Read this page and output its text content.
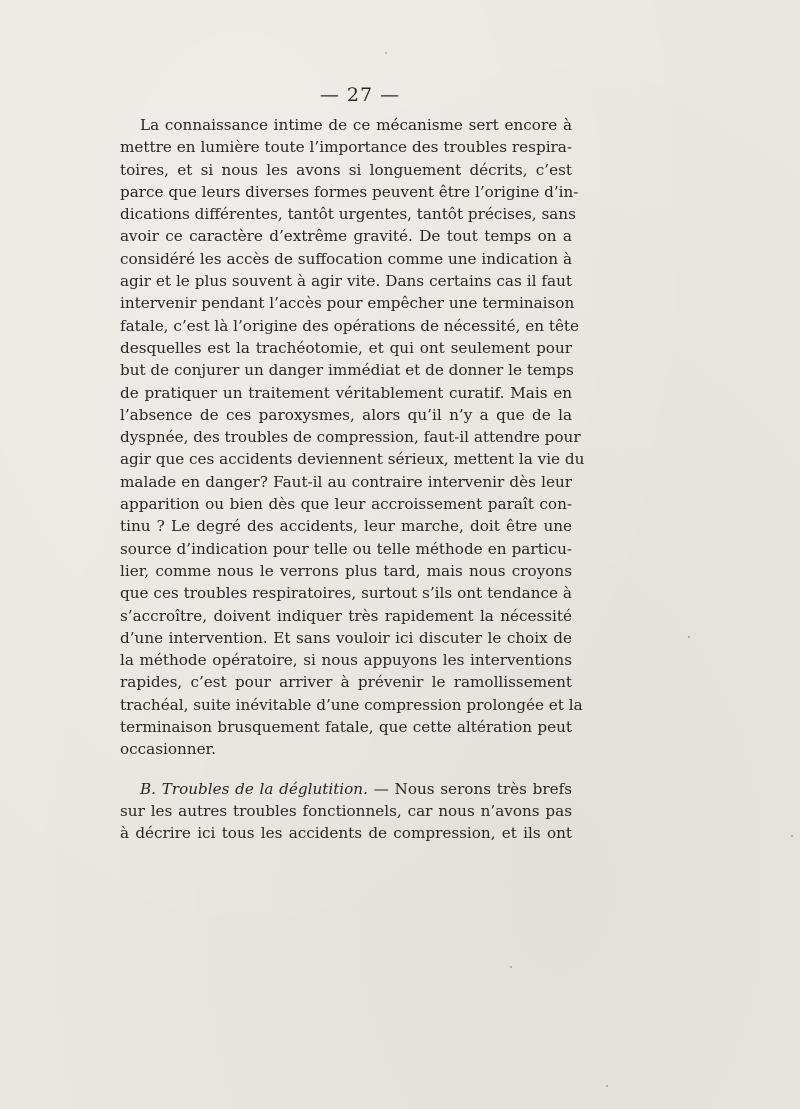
— 27 —
La connaissance intime de ce mécanisme sert encore à
mettre en lumière toute l’importance des troubles respira-
toires, et si nous les avons si longuement décrits, c’est
parce que leurs diverses formes peuvent être l’origine d’in-
dications différentes, tantôt urgentes, tantôt précises, sans
avoir ce caractère d’extrême gravité. De tout temps on a
considéré les accès de suffocation comme une indication à
agir et le plus souvent à agir vite. Dans certains cas il faut
intervenir pendant l’accès pour empêcher une terminaison
fatale, c’est là l’origine des opérations de nécessité, en tête
desquelles est la trachéotomie, et qui ont seulement pour
but de conjurer un danger immédiat et de donner le temps
de pratiquer un traitement véritablement curatif. Mais en
l’absence de ces paroxysmes, alors qu’il n’y a que de la
dyspnée, des troubles de compression, faut-il attendre pour
agir que ces accidents deviennent sérieux, mettent la vie du
malade en danger? Faut-il au contraire intervenir dès leur
apparition ou bien dès que leur accroissement paraît con-
tinu ? Le degré des accidents, leur marche, doit être une
source d’indication pour telle ou telle méthode en particu-
lier, comme nous le verrons plus tard, mais nous croyons
que ces troubles respiratoires, surtout s’ils ont tendance à
s’accroître, doivent indiquer très rapidement la nécessité
d’une intervention. Et sans vouloir ici discuter le choix de
la méthode opératoire, si nous appuyons les interventions
rapides, c’est pour arriver à prévenir le ramollissement
trachéal, suite inévitable d’une compression prolongée et la
terminaison brusquement fatale, que cette altération peut
occasionner.
B. Troubles de la déglutition. — Nous serons très brefs
sur les autres troubles fonctionnels, car nous n’avons pas
à décrire ici tous les accidents de compression, et ils ont
